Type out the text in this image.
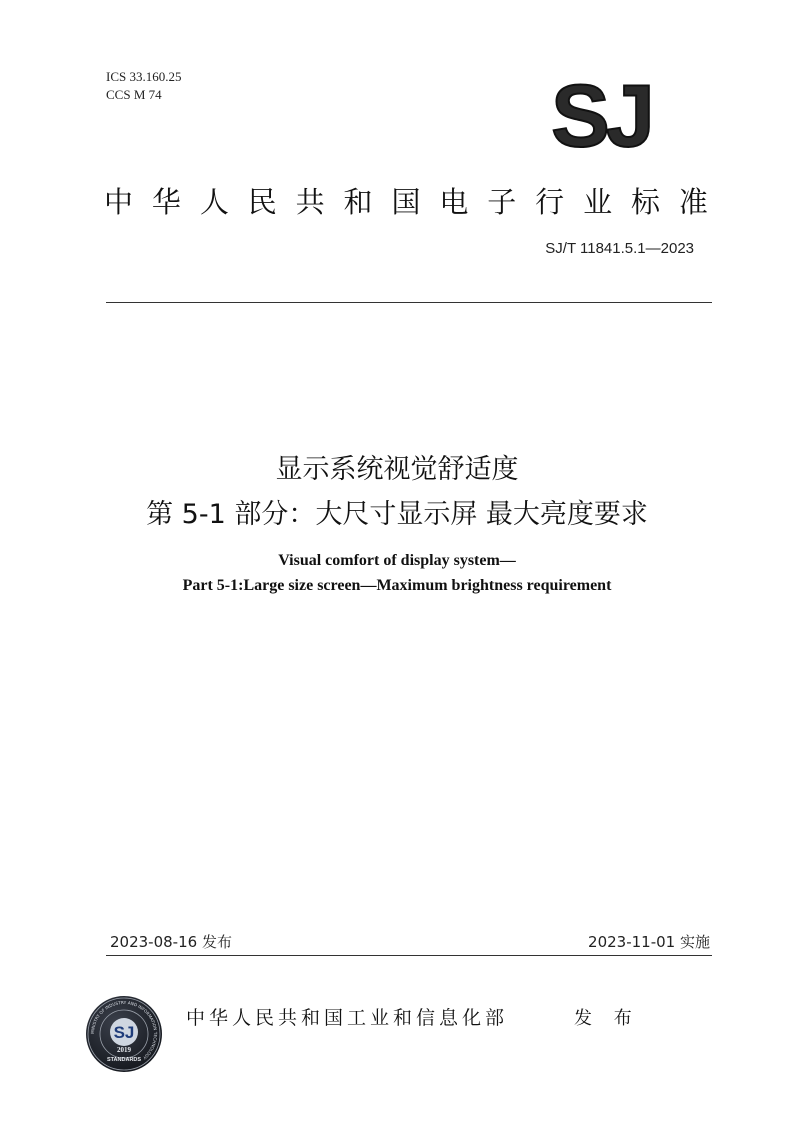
ICS 33.160.25
CCS M 74	SJ
中 华 人 民 共 和 国 电 子 行 业 标 准
SJ/T 11841.5.1—2023
显示系统视觉舒适度
第 5-1 部分：大尺寸显示屏 最大亮度要求
Visual comfort of display system—
Part 5-1:Large size screen—Maximum brightness requirement
2023-08-16 发布	2023-11-01 实施
MINISTRY OF INDUSTRY AND INFORMATION TECHNOLOGY
SJ
2019
STANDARDS
中华人民共和国工业和信息化部	发 布
